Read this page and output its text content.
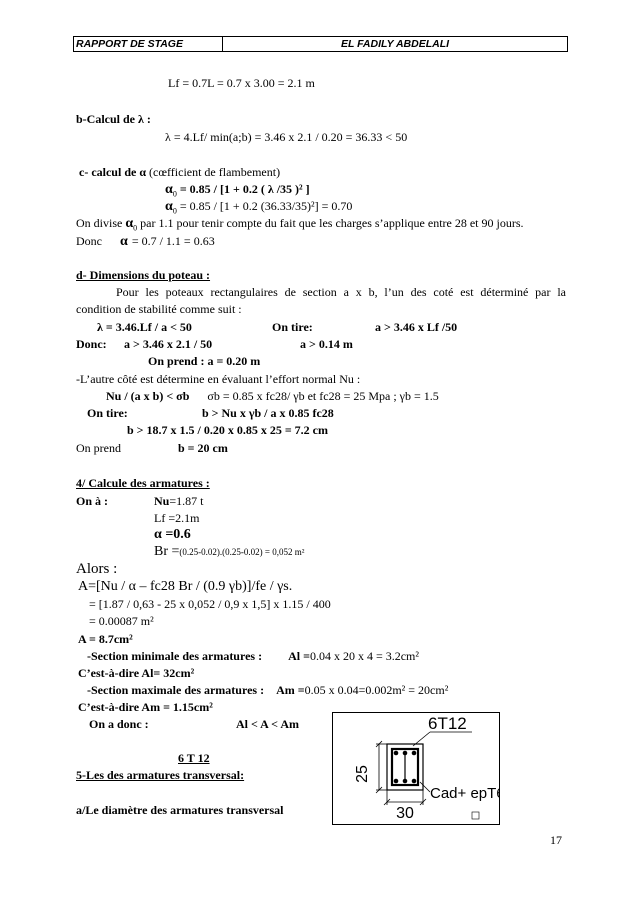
RAPPORT DE STAGE	EL FADILY ABDELALI
Lf = 0.7L = 0.7 x 3.00 = 2.1 m
b-Calcul de λ :
λ = 4.Lf/ min(a;b) = 3.46 x 2.1 / 0.20 = 36.33 < 50
c- calcul de α (cœfficient de flambement)
$\alpha_0 = 0.85 / [1 + 0.2$ ( λ /35 )² ]
$\alpha_0 = 0.85 / [1 + 0.2$ (36.33/35)²] = 0.70
On divise $\alpha_0$ par 1.1 pour tenir compte du fait que les charges s’applique entre 28 et 90 jours.
Donc α = 0.7 / 1.1 = 0.63
d- Dimensions du poteau :
Pour les poteaux rectangulaires de section a x b, l’un des coté est déterminé par la
condition de stabilité comme suit :
λ = 3.46.Lf / a < 50	On tire:	a > 3.46 x Lf /50
Donc: a > 3.46 x 2.1 / 50	a > 0.14 m
On prend : a = 0.20 m
-L’autre côté est détermine en évaluant l’effort normal Nu :
Nu / (a x b) < σb σb = 0.85 x fc28/ γb et fc28 = 25 Mpa ; γb = 1.5
On tire:	b > Nu x γb / a x 0.85 fc28
b > 18.7 x 1.5 / 0.20 x 0.85 x 25 = 7.2 cm
On prend	b = 20 cm
4/ Calcule des armatures :
On à :	Nu=1.87 t
Lf =2.1m
α =0.6
Br =(0.25-0.02).(0.25-0.02) = 0,052 m²
Alors :
A=[Nu / α – fc28 Br / (0.9 γb)]/fe / γs.
= [1.87 / 0,63 - 25 x 0,052 / 0,9 x 1,5] x 1.15 / 400
= 0.00087 m²
A = 8.7cm²
-Section minimale des armatures : Al =0.04 x 20 x 4 = 3.2cm²
C’est-à-dire Al= 32cm²
-Section maximale des armatures : Am =0.05 x 0.04=0.002m² = 20cm²
C’est-à-dire Am = 1.15cm²
On a donc :	Al < A < Am
6 T 12
5-Les des armatures transversal:
a/Le diamètre des armatures transversal
6T12
25
Cad+ epT6
30
17
